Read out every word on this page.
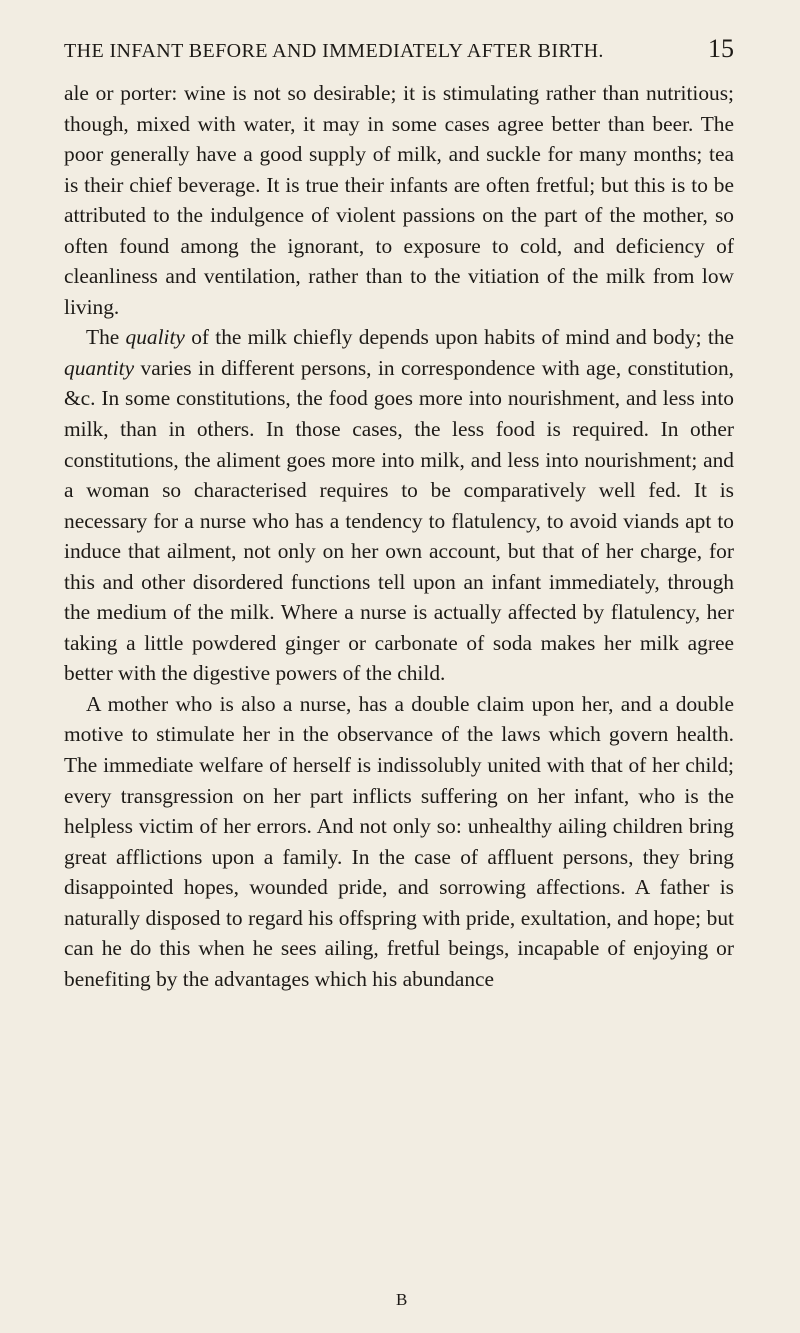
THE INFANT BEFORE AND IMMEDIATELY AFTER BIRTH.	15

ale or porter: wine is not so desirable; it is stimulating rather than nutritious; though, mixed with water, it may in some cases agree better than beer. The poor generally have a good supply of milk, and suckle for many months; tea is their chief beverage. It is true their infants are often fretful; but this is to be attributed to the indulgence of violent passions on the part of the mother, so often found among the ignorant, to exposure to cold, and deficiency of cleanliness and ventilation, rather than to the vitiation of the milk from low living.

The quality of the milk chiefly depends upon habits of mind and body; the quantity varies in different persons, in correspondence with age, constitution, &c. In some constitutions, the food goes more into nourishment, and less into milk, than in others. In those cases, the less food is required. In other constitutions, the aliment goes more into milk, and less into nourishment; and a woman so characterised requires to be comparatively well fed. It is necessary for a nurse who has a tendency to flatulency, to avoid viands apt to induce that ailment, not only on her own account, but that of her charge, for this and other disordered functions tell upon an infant immediately, through the medium of the milk. Where a nurse is actually affected by flatulency, her taking a little powdered ginger or carbonate of soda makes her milk agree better with the digestive powers of the child.

A mother who is also a nurse, has a double claim upon her, and a double motive to stimulate her in the observance of the laws which govern health. The immediate welfare of herself is indissolubly united with that of her child; every transgression on her part inflicts suffering on her infant, who is the helpless victim of her errors. And not only so: unhealthy ailing children bring great afflictions upon a family. In the case of affluent persons, they bring disappointed hopes, wounded pride, and sorrowing affections. A father is naturally disposed to regard his offspring with pride, exultation, and hope; but can he do this when he sees ailing, fretful beings, incapable of enjoying or benefiting by the advantages which his abundance

B
